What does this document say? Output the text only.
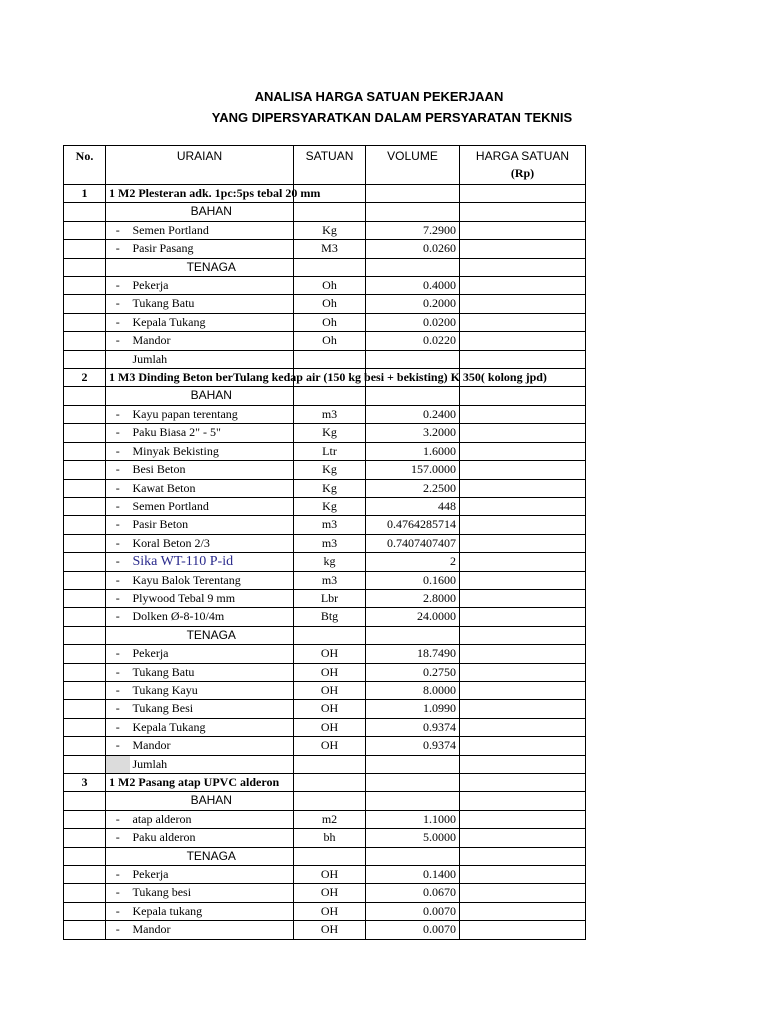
ANALISA HARGA SATUAN PEKERJAAN
YANG DIPERSYARATKAN DALAM PERSYARATAN TEKNIS
No.	URAIAN		SATUAN	VOLUME	HARGA SATUAN
(Rp)

1	1 M2 Plesteran adk. 1pc:5ps tebal 20 mm				
		BAHAN			
	-	Semen Portland	Kg	7.2900	
	-	Pasir Pasang	M3	0.0260	
		TENAGA			
	-	Pekerja	Oh	0.4000	
	-	Tukang Batu	Oh	0.2000	
	-	Kepala Tukang	Oh	0.0200	
	-	Mandor	Oh	0.0220	
		Jumlah			
2	1 M3 Dinding Beton berTulang kedap air (150 kg besi + bekisting) K 350( kolong jpd)				
		BAHAN			
	-	Kayu papan terentang	m3	0.2400	
	-	Paku Biasa 2" - 5"	Kg	3.2000	
	-	Minyak Bekisting	Ltr	1.6000	
	-	Besi Beton	Kg	157.0000	
	-	Kawat Beton	Kg	2.2500	
	-	Semen Portland	Kg	448	
	-	Pasir Beton	m3	0.4764285714	
	-	Koral Beton 2/3	m3	0.7407407407	
	-	Sika WT-110 P-id	kg	2	
	-	Kayu Balok Terentang	m3	0.1600	
	-	Plywood Tebal 9 mm	Lbr	2.8000	
	-	Dolken Ø-8-10/4m	Btg	24.0000	
		TENAGA			
	-	Pekerja	OH	18.7490	
	-	Tukang Batu	OH	0.2750	
	-	Tukang Kayu	OH	8.0000	
	-	Tukang Besi	OH	1.0990	
	-	Kepala Tukang	OH	0.9374	
	-	Mandor	OH	0.9374	
		Jumlah			
3	1 M2 Pasang atap UPVC alderon				
		BAHAN			
	-	atap alderon	m2	1.1000	
	-	Paku alderon	bh	5.0000	
		TENAGA			
	-	Pekerja	OH	0.1400	
	-	Tukang besi	OH	0.0670	
	-	Kepala tukang	OH	0.0070	
	-	Mandor	OH	0.0070	
